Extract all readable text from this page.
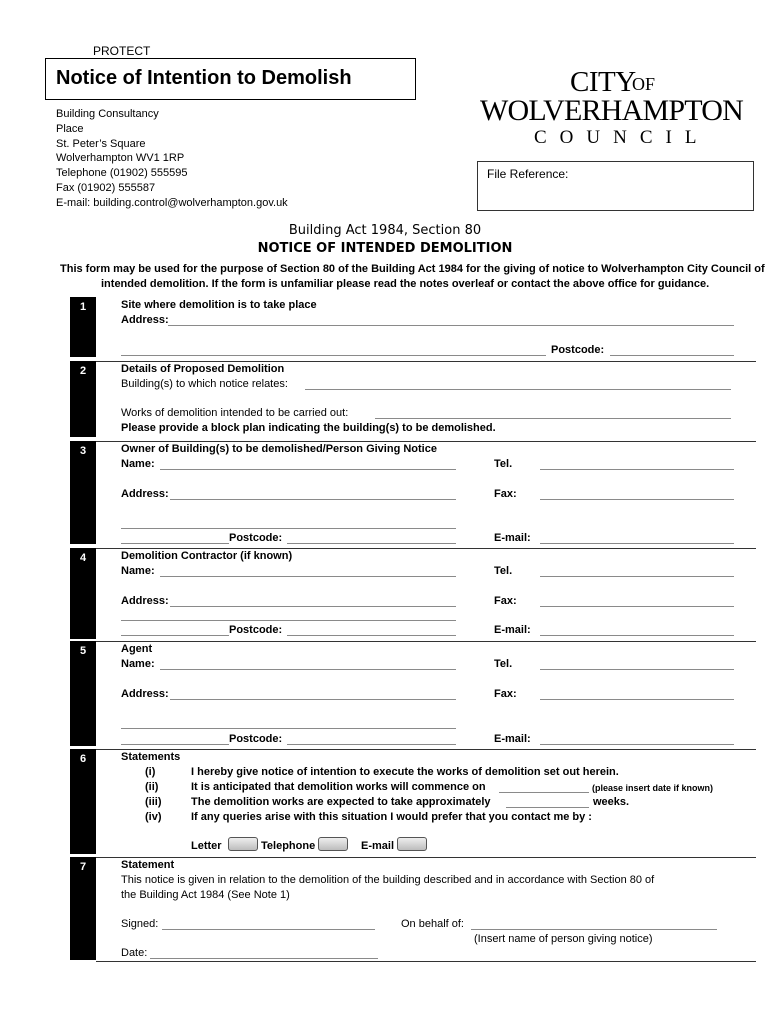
PROTECT
Notice of Intention to Demolish
Building Consultancy
Place
St. Peter’s Square
Wolverhampton WV1 1RP
Telephone (01902) 555595
Fax (01902) 555587
E-mail: building.control@wolverhampton.gov.uk
CITY
OF
WOLVERHAMPTON
COUNCIL
File Reference:
Building Act 1984, Section 80
NOTICE OF INTENDED DEMOLITION
This form may be used for the purpose of Section 80 of the Building Act 1984 for the giving of notice to Wolverhampton City Council of
intended demolition. If the form is unfamiliar please read the notes overleaf or contact the above office for guidance.
1
2
3
4
5
6
7
Site where demolition is to take place
Address:
Postcode:
Details of Proposed Demolition
Building(s) to which notice relates:
Works of demolition intended to be carried out:
Please provide a block plan indicating the building(s) to be demolished.
Owner of Building(s) to be demolished/Person Giving Notice
Name:	Tel.
Address:	Fax:
Postcode:	E-mail:
Demolition Contractor (if known)
Name:	Tel.
Address:	Fax:
Postcode:	E-mail:
Agent
Name:	Tel.
Address:	Fax:
Postcode:	E-mail:
Statements
(i)	I hereby give notice of intention to execute the works of demolition set out herein.
(ii)	It is anticipated that demolition works will commence on	(please insert date if known)
(iii)	The demolition works are expected to take approximately	weeks.
(iv)	If any queries arise with this situation I would prefer that you contact me by :
Letter	Telephone	E-mail
Statement
This notice is given in relation to the demolition of the building described and in accordance with Section 80 of
the Building Act 1984 (See Note 1)
Signed:	On behalf of:
(Insert name of person giving notice)
Date:
